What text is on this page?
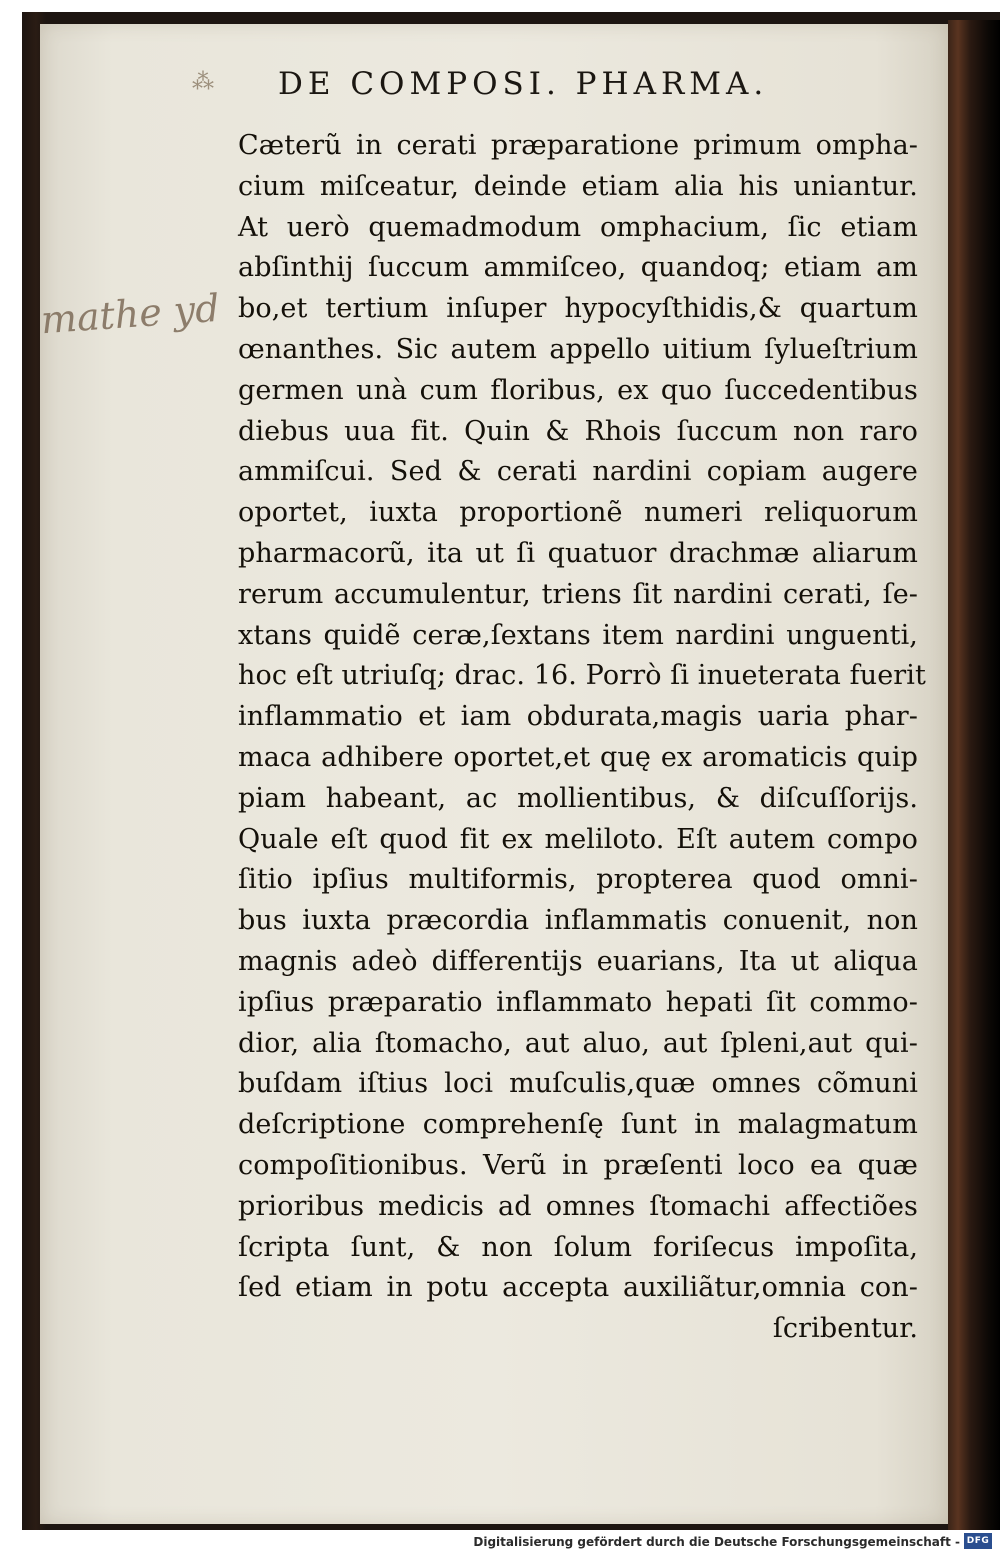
⁂ DE COMPOSI. PHARMA.
mathe yd
Cæterũ in cerati præparatione primum ompha-
cium miſceatur, deinde etiam alia his uniantur.
At uerò quemadmodum omphacium, ſic etiam
abſinthij ſuccum ammiſceo, quandoq; etiam am
bo,et tertium inſuper hypocyſthidis,& quartum
œnanthes. Sic autem appello uitium ſylueſtrium
germen unà cum floribus, ex quo ſuccedentibus
diebus uua fit. Quin & Rhois ſuccum non raro
ammiſcui. Sed & cerati nardini copiam augere
oportet, iuxta proportionẽ numeri reliquorum
pharmacorũ, ita ut ſi quatuor drachmæ aliarum
rerum accumulentur, triens ſit nardini cerati, ſe-
xtans quidẽ ceræ,ſextans item nardini unguenti,
hoc eſt utriuſq; drac. 16. Porrò ſi inueterata fuerit
inflammatio et iam obdurata,magis uaria phar-
maca adhibere oportet,et quę ex aromaticis quip
piam habeant, ac mollientibus, & diſcuſſorijs.
Quale eſt quod fit ex meliloto. Eſt autem compo
ſitio ipſius multiformis, propterea quod omni-
bus iuxta præcordia inflammatis conuenit, non
magnis adeò differentijs euarians, Ita ut aliqua
ipſius præparatio inflammato hepati ſit commo-
dior, alia ſtomacho, aut aluo, aut ſpleni,aut qui-
buſdam iſtius loci muſculis,quæ omnes cõmuni
deſcriptione comprehenſę ſunt in malagmatum
compoſitionibus. Verũ in præſenti loco ea quæ
prioribus medicis ad omnes ſtomachi affectiões
ſcripta ſunt, & non ſolum foriſecus impoſita,
ſed etiam in potu accepta auxiliãtur,omnia con-
ſcribentur.
Digitalisierung gefördert durch die Deutsche Forschungsgemeinschaft - DFG
